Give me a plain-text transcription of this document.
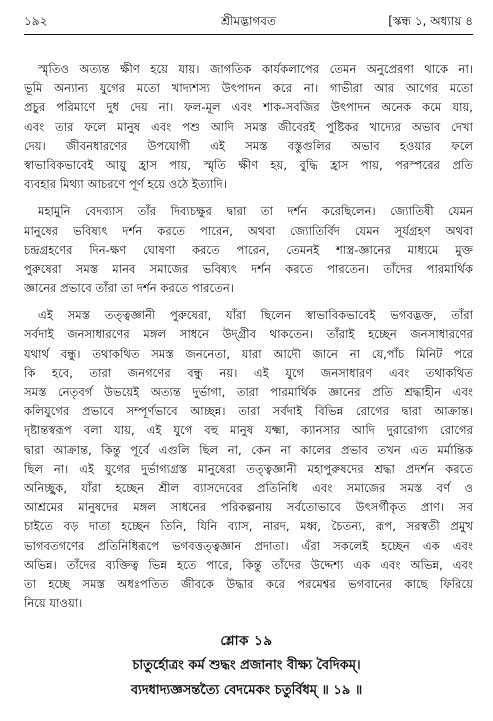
১৯২	শ্রীমদ্ভাগবত	[স্কন্ধ ১, অধ্যায় ৪
স্মৃতিও অত্যন্ত ক্ষীণ হয়ে যায়। জাগতিক কার্যকলাপের তেমন অনুপ্রেরণা থাকে না।
ভূমি অন্যান্য যুগের মতো খাদ্যশস্য উৎপাদন করে না। গাভীরা আর আগের মতো
প্রচুর পরিমাণে দুধ দেয় না। ফল-মূল এবং শাক-সবজির উৎপাদন অনেক কমে যায়,
এবং তার ফলে মানুষ এবং পশু আদি সমস্ত জীবেরই পুষ্টিকর খাদ্যের অভাব দেখা
দেয়। জীবনধারণের উপযোগী এই সমস্ত বস্তুগুলির অভাব হওয়ার ফলে
স্বাভাবিকভাবেই আয়ু হ্রাস পায়, স্মৃতি ক্ষীণ হয়, বুদ্ধি হ্রাস পায়, পরস্পরের প্রতি
ব্যবহার মিথ্যা আচরণে পূর্ণ হয়ে ওঠে ইত্যাদি।
মহামুনি বেদব্যাস তাঁর দিব্যচক্ষুর দ্বারা তা দর্শন করেছিলেন। জ্যোতিষী যেমন
মানুষের ভবিষ্যৎ দর্শন করতে পারেন, অথবা জ্যোতির্বিদ যেমন সূর্যগ্রহণ অথবা
চন্দ্রগ্রহণের দিন-ক্ষণ ঘোষণা করতে পারেন, তেমনই শাস্ত্র-জ্ঞানের মাধ্যমে মুক্ত
পুরুষেরা সমস্ত মানব সমাজের ভবিষ্যৎ দর্শন করতে পারতেন। তাঁদের পারমার্থিক
জ্ঞানের প্রভাবে তাঁরা তা দর্শন করতে পারতেন।
এই সমস্ত তত্ত্বজ্ঞানী পুরুষেরা, যাঁরা ছিলেন স্বাভাবিকভাবেই ভগবদ্ভক্ত, তাঁরা
সর্বদাই জনসাধারণের মঙ্গল সাধনে উদ্গ্রীব থাকতেন। তাঁরাই হচ্ছেন জনসাধারণের
যথার্থ বন্ধু। তথাকথিত সমস্ত জননেতা, যারা আদৌ জানে না যে,পাঁচ মিনিট পরে
কি হবে, তারা জনগণের বন্ধু নয়। এই যুগে জনসাধারণ এবং তথাকথিত
সমস্ত নেতৃবর্গ উভয়েই অত্যন্ত দুর্ভাগা, তারা পারমার্থিক জ্ঞানের প্রতি শ্রদ্ধাহীন এবং
কলিযুগের প্রভাবে সম্পূর্ণভাবে আচ্ছন্ন। তারা সর্বদাই বিভিন্ন রোগের দ্বারা আক্রান্ত।
দৃষ্টান্তস্বরূপ বলা যায়, এই যুগে বহু মানুষ যক্ষ্মা, ক্যানসার আদি দুরারোগ্য রোগের
দ্বারা আক্রান্ত, কিন্তু পূর্বে এগুলি ছিল না, কেন না কালের প্রভাব তখন এত মর্মান্তিক
ছিল না। এই যুগের দুর্ভাগ্যগ্রস্ত মানুষেরা তত্ত্বজ্ঞানী মহাপুরুষদের শ্রদ্ধা প্রদর্শন করতে
অনিচ্ছুক, যাঁরা হচ্ছেন শ্রীল ব্যাসদেবের প্রতিনিধি এবং সমাজের সমস্ত বর্ণ ও
আশ্রমের মানুষদের মঙ্গল সাধনের পরিকল্পনায় সর্বতোভাবে উৎসর্গীকৃত প্রাণ। সব
চাইতে বড় দাতা হচ্ছেন তিনি, যিনি ব্যাস, নারদ, মধ্ব, চৈতন্য, রূপ, সরস্বতী প্রমুখ
ভাগবতগণের প্রতিনিধিরূপে ভগবত্তত্ত্বজ্ঞান প্রদাতা। এঁরা সকলেই হচ্ছেন এক এবং
অভিন্ন। তাঁদের ব্যক্তিত্ব ভিন্ন হতে পারে, কিন্তু তাঁদের উদ্দেশ্য এক এবং অভিন্ন, এবং
তা হচ্ছে সমস্ত অধঃপতিত জীবকে উদ্ধার করে পরমেশ্বর ভগবানের কাছে ফিরিয়ে
নিয়ে যাওয়া।
শ্লোক ১৯
চাতুর্হোত্রং কর্ম শুদ্ধং প্রজানাং বীক্ষ্য বৈদিকম্।
ব্যদধাদ্যজ্ঞসন্তত্যৈ বেদমেকং চতুর্বিধম্ ॥ ১৯ ॥
